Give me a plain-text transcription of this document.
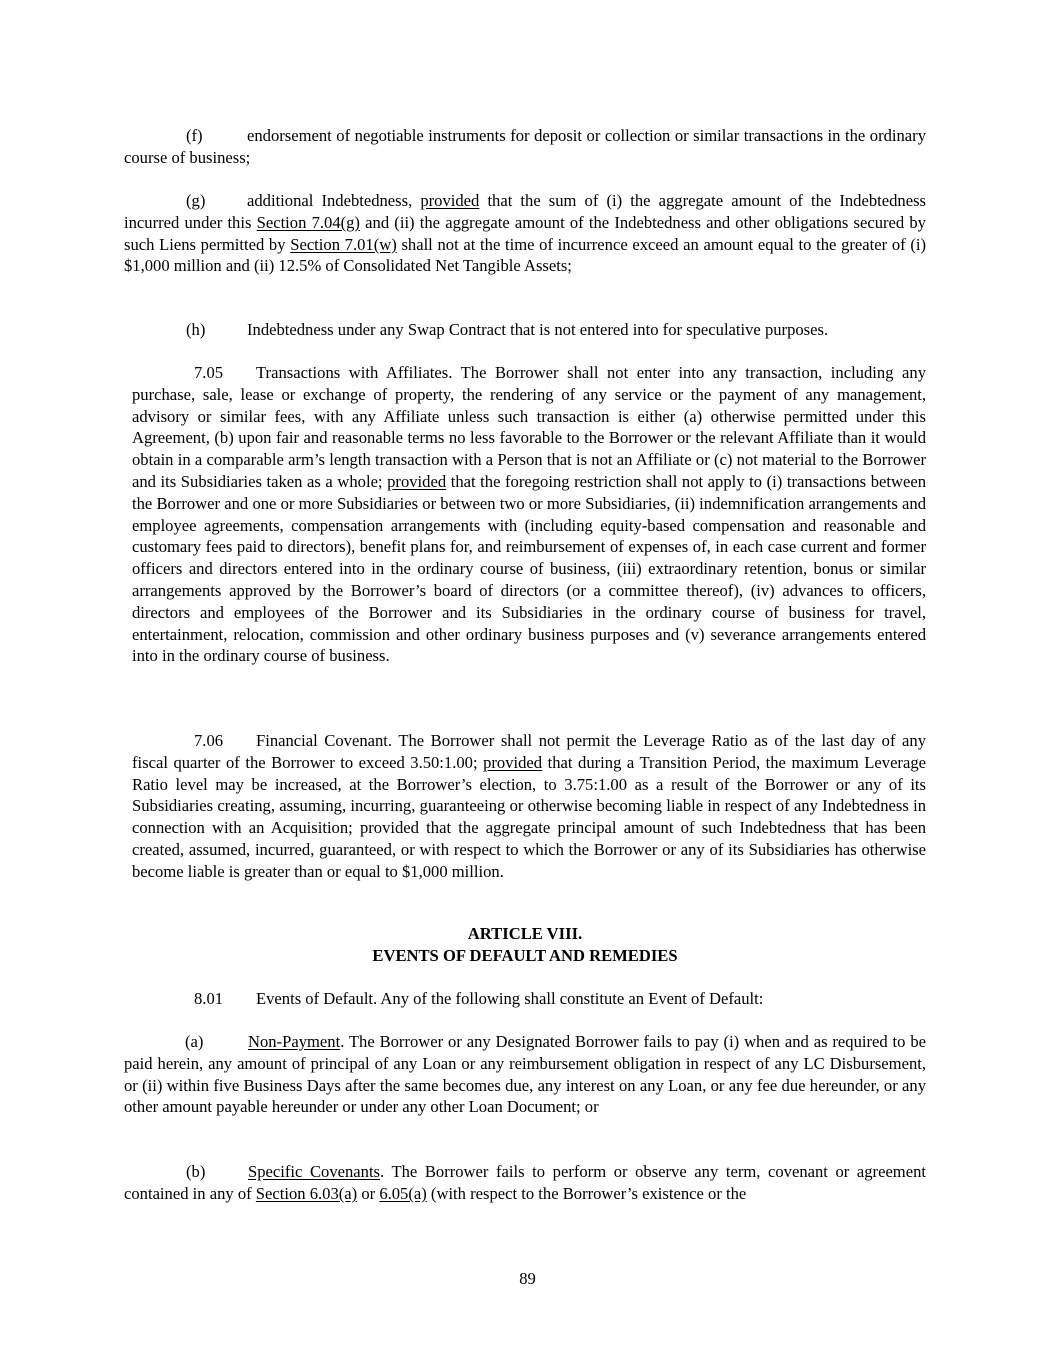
(f)	endorsement of negotiable instruments for deposit or collection or similar transactions in the ordinary course of business;

(g)	additional Indebtedness, provided that the sum of (i) the aggregate amount of the Indebtedness incurred under this Section 7.04(g) and (ii) the aggregate amount of the Indebtedness and other obligations secured by such Liens permitted by Section 7.01(w) shall not at the time of incurrence exceed an amount equal to the greater of (i) $1,000 million and (ii) 12.5% of Consolidated Net Tangible Assets;

(h)	Indebtedness under any Swap Contract that is not entered into for speculative purposes.

7.05 Transactions with Affiliates. The Borrower shall not enter into any transaction, including any purchase, sale, lease or exchange of property, the rendering of any service or the payment of any management, advisory or similar fees, with any Affiliate unless such transaction is either (a) otherwise permitted under this Agreement, (b) upon fair and reasonable terms no less favorable to the Borrower or the relevant Affiliate than it would obtain in a comparable arm’s length transaction with a Person that is not an Affiliate or (c) not material to the Borrower and its Subsidiaries taken as a whole; provided that the foregoing restriction shall not apply to (i) transactions between the Borrower and one or more Subsidiaries or between two or more Subsidiaries, (ii) indemnification arrangements and employee agreements, compensation arrangements with (including equity-based compensation and reasonable and customary fees paid to directors), benefit plans for, and reimbursement of expenses of, in each case current and former officers and directors entered into in the ordinary course of business, (iii) extraordinary retention, bonus or similar arrangements approved by the Borrower’s board of directors (or a committee thereof), (iv) advances to officers, directors and employees of the Borrower and its Subsidiaries in the ordinary course of business for travel, entertainment, relocation, commission and other ordinary business purposes and (v) severance arrangements entered into in the ordinary course of business.

7.06 Financial Covenant. The Borrower shall not permit the Leverage Ratio as of the last day of any fiscal quarter of the Borrower to exceed 3.50:1.00; provided that during a Transition Period, the maximum Leverage Ratio level may be increased, at the Borrower’s election, to 3.75:1.00 as a result of the Borrower or any of its Subsidiaries creating, assuming, incurring, guaranteeing or otherwise becoming liable in respect of any Indebtedness in connection with an Acquisition; provided that the aggregate principal amount of such Indebtedness that has been created, assumed, incurred, guaranteed, or with respect to which the Borrower or any of its Subsidiaries has otherwise become liable is greater than or equal to $1,000 million.

ARTICLE VIII.
EVENTS OF DEFAULT AND REMEDIES

8.01 Events of Default. Any of the following shall constitute an Event of Default:

(a)	Non-Payment. The Borrower or any Designated Borrower fails to pay (i) when and as required to be paid herein, any amount of principal of any Loan or any reimbursement obligation in respect of any LC Disbursement, or (ii) within five Business Days after the same becomes due, any interest on any Loan, or any fee due hereunder, or any other amount payable hereunder or under any other Loan Document; or

(b)	Specific Covenants. The Borrower fails to perform or observe any term, covenant or agreement contained in any of Section 6.03(a) or 6.05(a) (with respect to the Borrower’s existence or the

89
